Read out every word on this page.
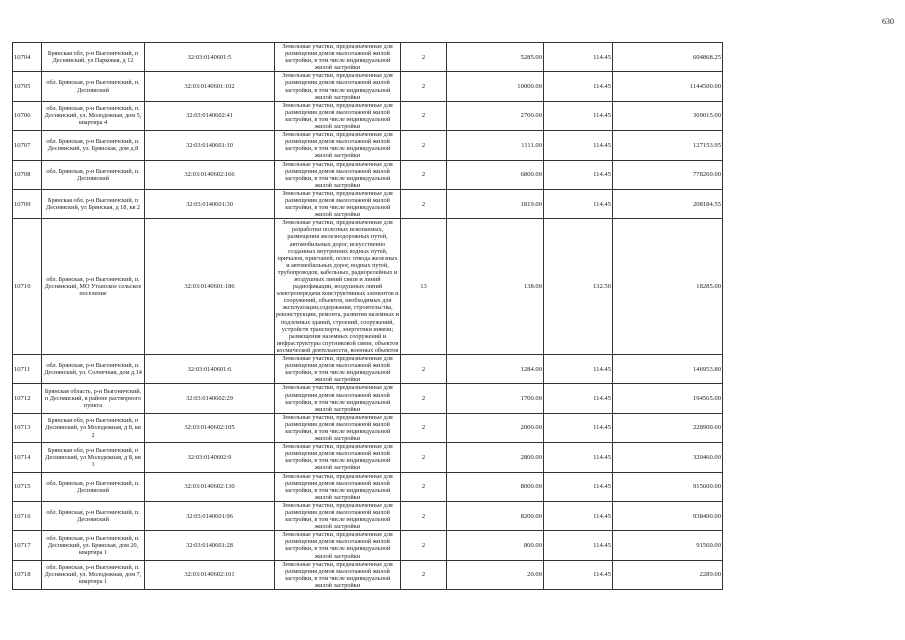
630
10704	Брянская обл, р-н Выгоничский, п Десняиский, ул Парковая, д 12	32:03:0140601:5	Земельные участки, предназначенные для размещения домов малоэтажной жилой застройки, в том числе индивидуальной жилой застройки	2	5285.00	114.45	604868.25
10705	обл. Брянская, р-н Выгоничский, п. Десняиский	32:03:0140601:102	Земельные участки, предназначенные для размещения домов малоэтажной жилой застройки, в том числе индивидуальной жилой застройки	2	10000.00	114.45	1144500.00
10706	обл. Брянская, р-н Выгоничский, п. Десняиский, ул. Молодежная, дом 5, квартира 4	32:03:0140602:41	Земельные участки, предназначенные для размещения домов малоэтажной жилой застройки, в том числе индивидуальной жилой застройки	2	2700.00	114.45	309015.00
10707	обл. Брянская, р-н Выгоничский, п. Десняиский, ул. Брянская, дом д.8	32:03:0140601:10	Земельные участки, предназначенные для размещения домов малоэтажной жилой застройки, в том числе индивидуальной жилой застройки	2	1111.00	114.45	127153.95
10708	обл. Брянская, р-н Выгоничский, п. Десняиский	32:03:0140602:166	Земельные участки, предназначенные для размещения домов малоэтажной жилой застройки, в том числе индивидуальной жилой застройки	2	6800.00	114.45	778260.00
10709	Брянская обл, р-н Выгоничский, п Десняиский, ул Брянская, д 18, кв 2	32:03:0140601:30	Земельные участки, предназначенные для размещения домов малоэтажной жилой застройки, в том числе индивидуальной жилой застройки	2	1819.00	114.45	208184.55
10710	обл. Брянская, р-н Выгоничский, п. Десняиский, МО Утынское сельское поселение	32:03:0140601:186	Земельные участки, предназначенные для разработки полезных ископаемых, размещения железнодорожных путей, автомобильных дорог, искусственно созданных внутренних водных путей, причалов, пристаней, полос отвода железных и автомобильных дорог, водных путей, трубопроводов, кабельных, радиорелейных и воздушных линий связи и линий радиофикации, воздушных линий электропередачи конструктивных элементов и сооружений, объектов, необходимых для эксплуатации,содержания, строительства, реконструкции, ремонта, развития наземных и подземных зданий, строений, сооружений, устройств транспорта, энергетики инвязи; размещения наземных сооружений и инфраструктуры спутниковой связи, объектов космической деятельности, военных объектов	13	138.00	132.50	18285.00
10711	обл. Брянская, р-н Выгоничский, п. Десняиский, ул. Солнечная, дом д.14	32:03:0140601:6	Земельные участки, предназначенные для размещения домов малоэтажной жилой застройки, в том числе индивидуальной жилой застройки	2	1284.00	114.45	146953.80
10712	Брянская область, р-н Выгоничский, п Десняиский, в районе растворного пункта	32:03:0140602:29	Земельные участки, предназначенные для размещения домов малоэтажной жилой застройки, в том числе индивидуальной жилой застройки	2	1700.00	114.45	194565.00
10713	Брянская обл, р-н Выгоничский, п Десняиский, ул Молодежная, д 8, кв 2	32:03:0140602:105	Земельные участки, предназначенные для размещения домов малоэтажной жилой застройки, в том числе индивидуальной жилой застройки	2	2000.00	114.45	228900.00
10714	Брянская обл, р-н Выгоничский, п Десняиский, ул Молодежная, д 8, кв 1	32:03:0140602:9	Земельные участки, предназначенные для размещения домов малоэтажной жилой застройки, в том числе индивидуальной жилой застройки	2	2800.00	114.45	320460.00
10715	обл. Брянская, р-н Выгоничский, п. Десняиский	32:03:0140602:130	Земельные участки, предназначенные для размещения домов малоэтажной жилой застройки, в том числе индивидуальной жилой застройки	2	8000.00	114.45	915600.00
10716	обл. Брянская, р-н Выгоничский, п. Десняиский	32:03:0140601:96	Земельные участки, предназначенные для размещения домов малоэтажной жилой застройки, в том числе индивидуальной жилой застройки	2	8200.00	114.45	938490.00
10717	обл. Брянская, р-н Выгоничский, п. Десняиский, ул. Брянская, дом 20, квартира 1	32:03:0140601:28	Земельные участки, предназначенные для размещения домов малоэтажной жилой застройки, в том числе индивидуальной жилой застройки	2	800.00	114.45	91560.00
10718	обл. Брянская, р-н Выгоничский, п. Десняиский, ул. Молодежная, дом 7, квартира 1	32:03:0140602:101	Земельные участки, предназначенные для размещения домов малоэтажной жилой застройки, в том числе индивидуальной жилой застройки	2	20.00	114.45	2289.00
